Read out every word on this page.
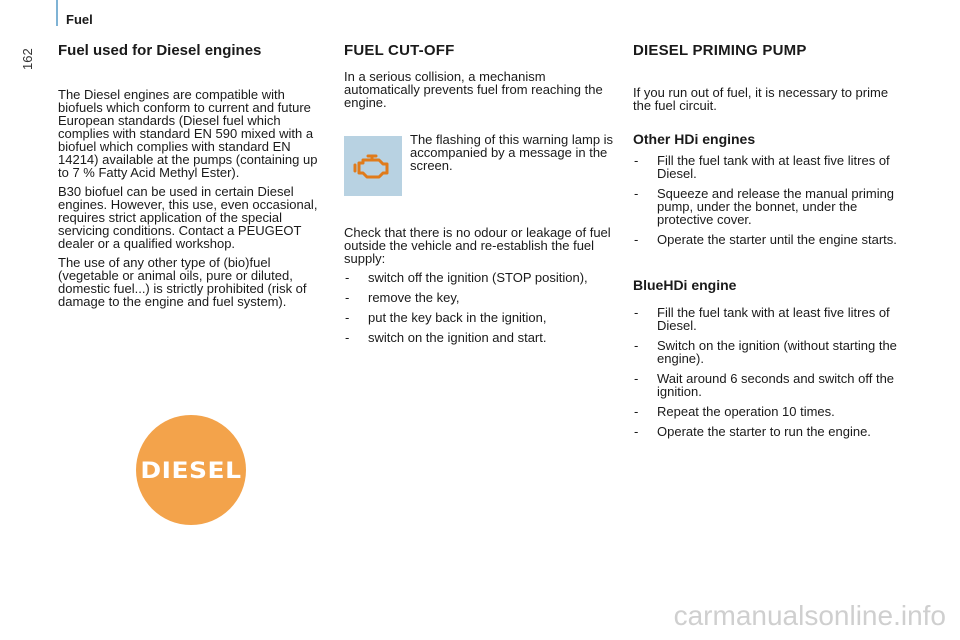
Fuel
162 Fuel used for Diesel engines

The Diesel engines are compatible with biofuels which conform to current and future European standards (Diesel fuel which complies with standard EN 590 mixed with a biofuel which complies with standard EN 14214) available at the pumps (containing up to 7 % Fatty Acid Methyl Ester).

B30 biofuel can be used in certain Diesel engines. However, this use, even occasional, requires strict application of the special servicing conditions. Contact a PEUGEOT dealer or a qualified workshop.

The use of any other type of (bio)fuel (vegetable or animal oils, pure or diluted, domestic fuel...) is strictly prohibited (risk of damage to the engine and fuel system).

DIESEL
FUEL CUT-OFF

In a serious collision, a mechanism automatically prevents fuel from reaching the engine.

The flashing of this warning lamp is accompanied by a message in the screen.

Check that there is no odour or leakage of fuel outside the vehicle and re-establish the fuel supply:

- switch off the ignition (STOP position),
- remove the key,
- put the key back in the ignition,
- switch on the ignition and start.
DIESEL PRIMING PUMP

If you run out of fuel, it is necessary to prime the fuel circuit.

Other HDi engines
- Fill the fuel tank with at least five litres of Diesel.
- Squeeze and release the manual priming pump, under the bonnet, under the protective cover.
- Operate the starter until the engine starts.
BlueHDi engine
- Fill the fuel tank with at least five litres of Diesel.
- Switch on the ignition (without starting the engine).
- Wait around 6 seconds and switch off the ignition.
- Repeat the operation 10 times.
- Operate the starter to run the engine.
carmanualsonline.info
